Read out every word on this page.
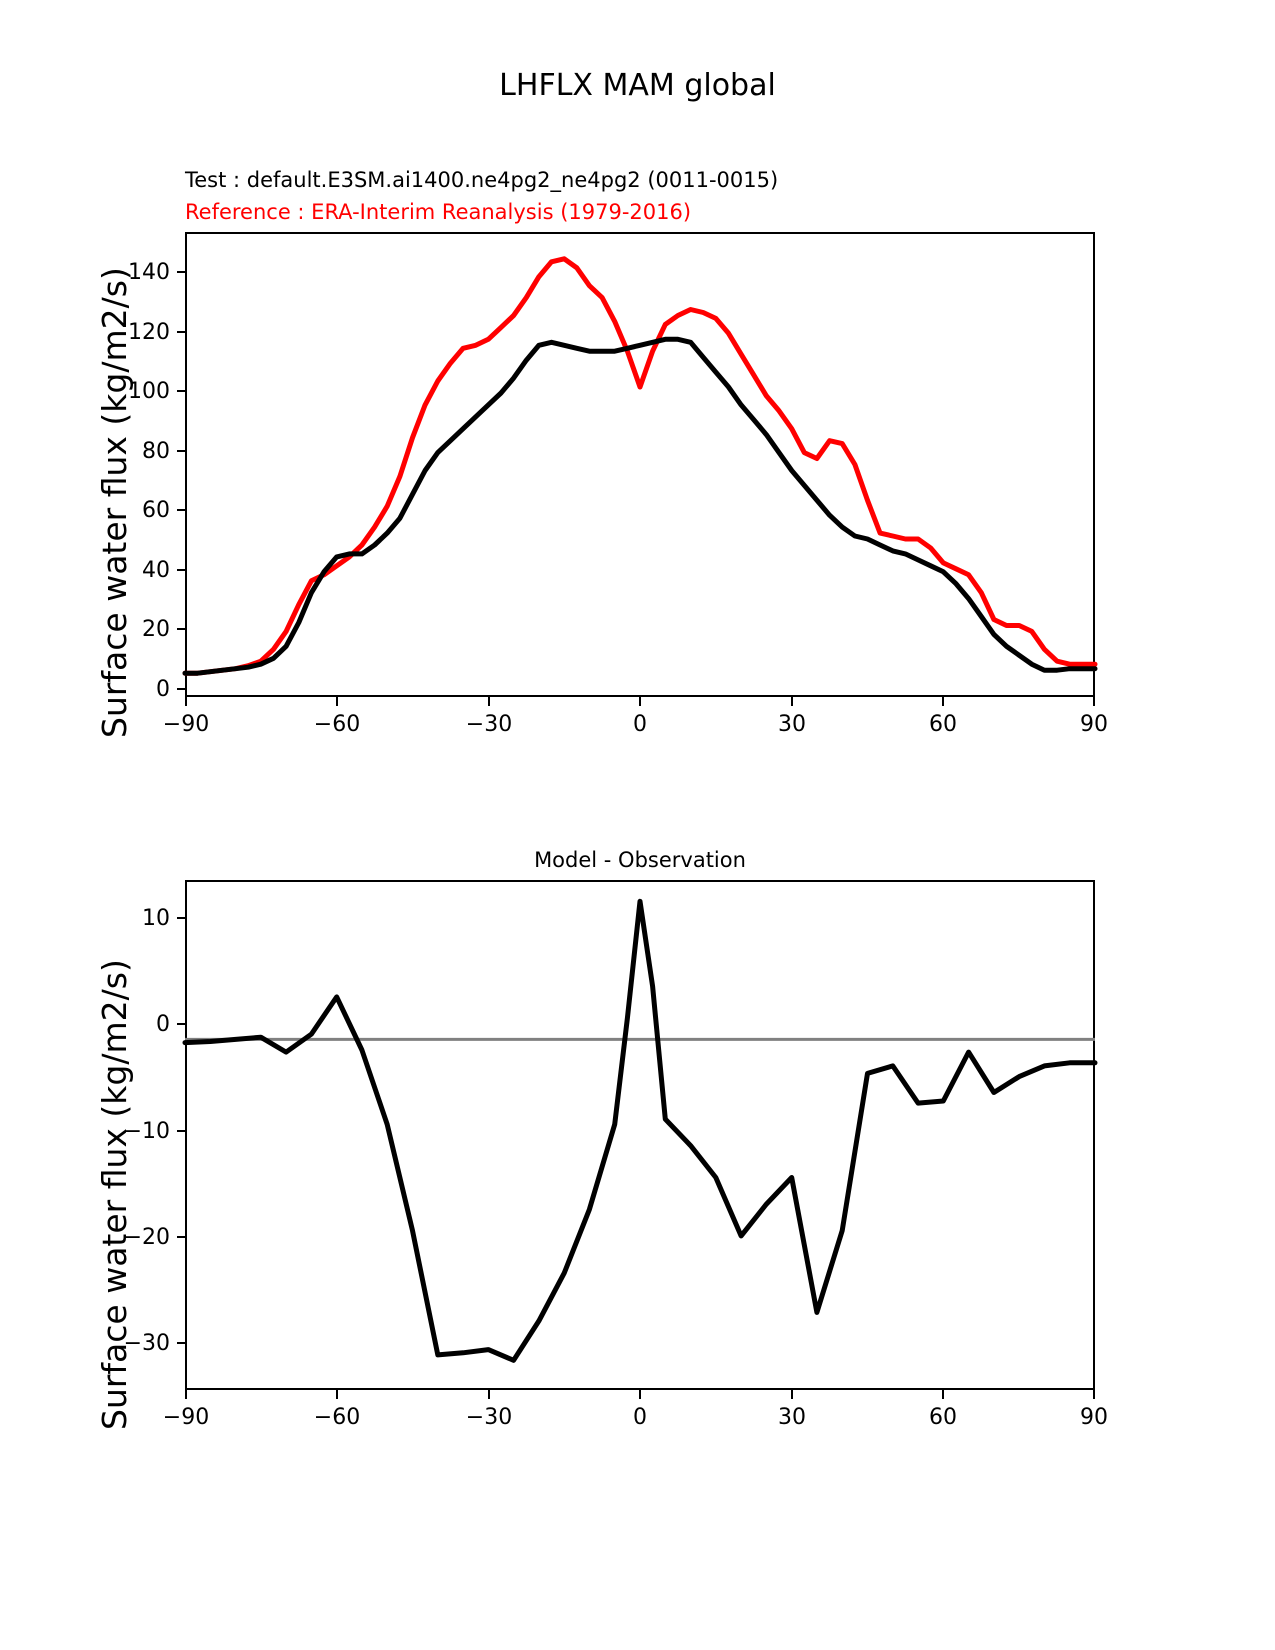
LHFLX MAM global
Test : default.E3SM.ai1400.ne4pg2_ne4pg2 (0011-0015)
Reference : ERA-Interim Reanalysis (1979-2016)
Surface water flux (kg/m2/s)	0
20
40
60
80
100
120
140
−90	−60	−30	0	30	60	90
Model - Observation
Surface water flux (kg/m2/s)
−30
−20
−10
0
10
−90	−60	−30	0	30	60	90
